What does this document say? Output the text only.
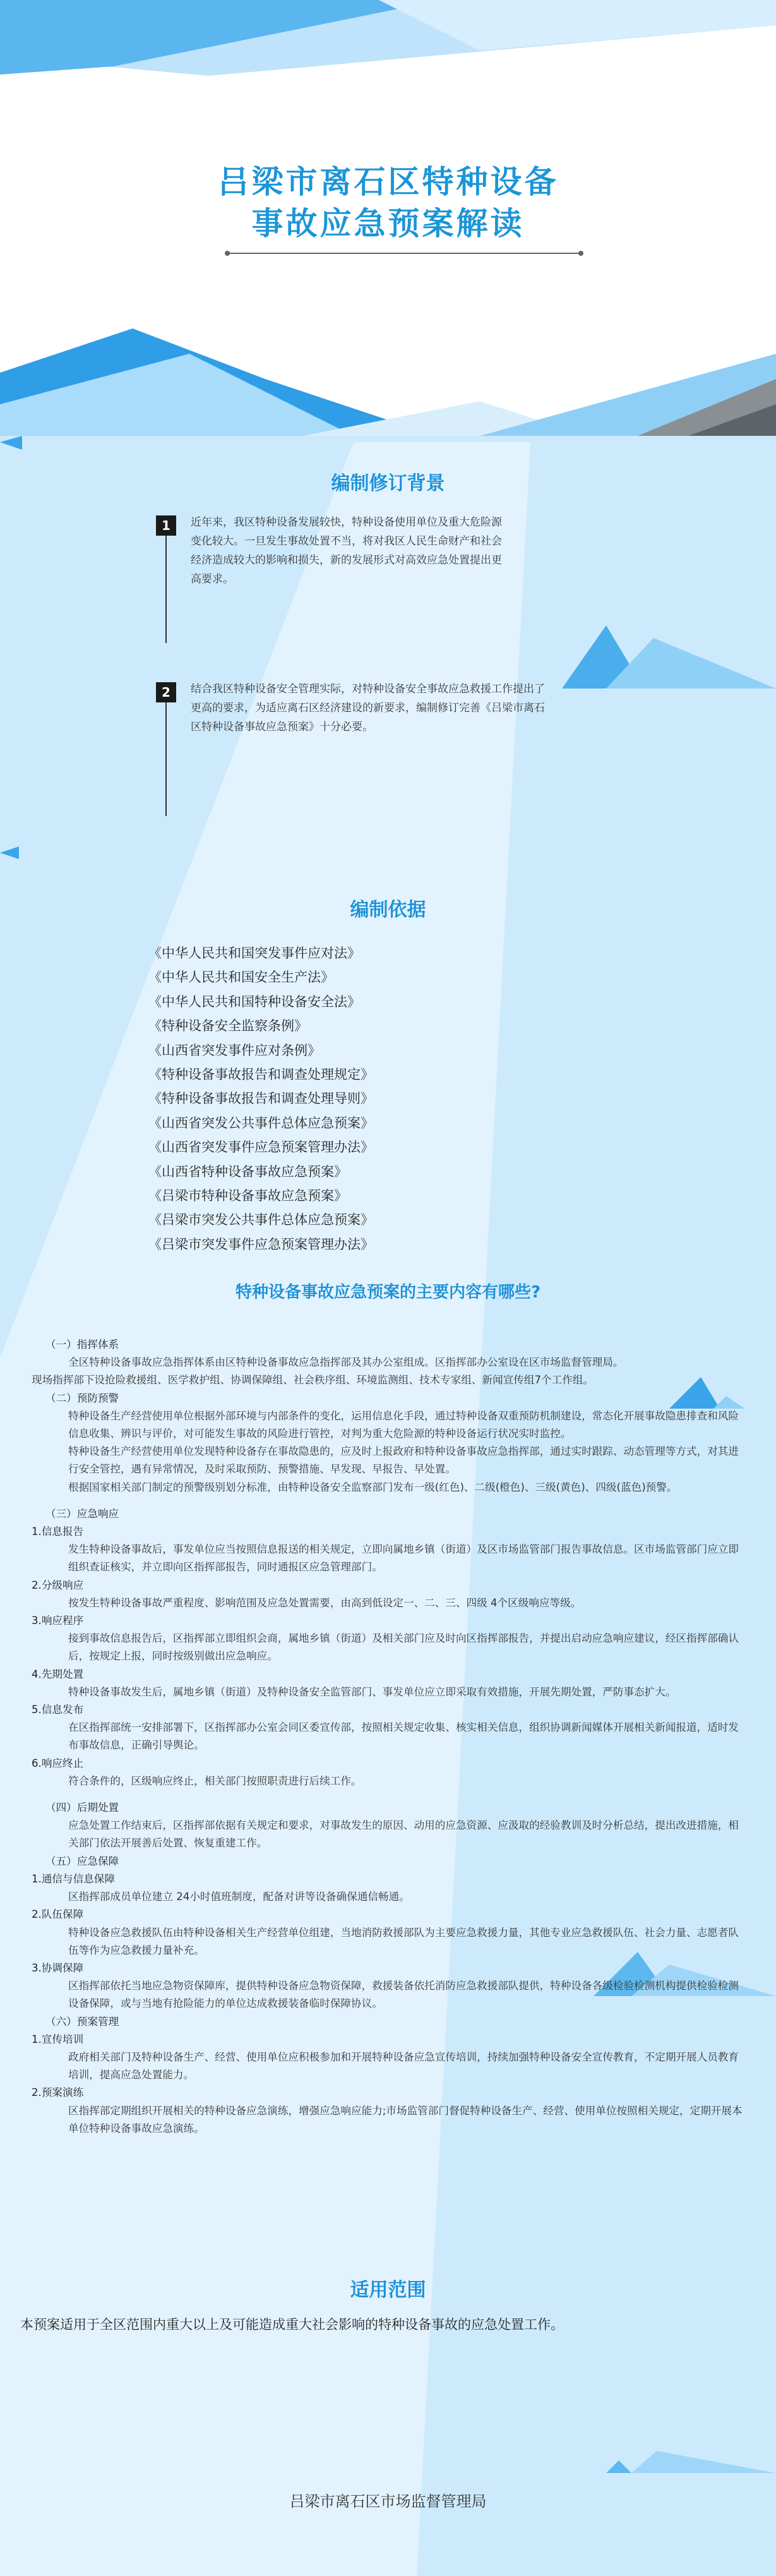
吕梁市离石区特种设备
事故应急预案解读
编制修订背景
1	近年来，我区特种设备发展较快，特种设备使用单位及重大危险源变化较大。一旦发生事故处置不当，将对我区人民生命财产和社会经济造成较大的影响和损失，新的发展形式对高效应急处置提出更高要求。
2	结合我区特种设备安全管理实际，对特种设备安全事故应急救援工作提出了更高的要求，为适应离石区经济建设的新要求，编制修订完善《吕梁市离石区特种设备事故应急预案》十分必要。
编制依据
《中华人民共和国突发事件应对法》
《中华人民共和国安全生产法》
《中华人民共和国特种设备安全法》
《特种设备安全监察条例》
《山西省突发事件应对条例》
《特种设备事故报告和调查处理规定》
《特种设备事故报告和调查处理导则》
《山西省突发公共事件总体应急预案》
《山西省突发事件应急预案管理办法》
《山西省特种设备事故应急预案》
《吕梁市特种设备事故应急预案》
《吕梁市突发公共事件总体应急预案》
《吕梁市突发事件应急预案管理办法》
特种设备事故应急预案的主要内容有哪些?

（一）指挥体系

全区特种设备事故应急指挥体系由区特种设备事故应急指挥部及其办公室组成。区指挥部办公室设在区市场监督管理局。

现场指挥部下设抢险救援组、医学救护组、协调保障组、社会秩序组、环境监测组、技术专家组、新闻宣传组7个工作组。

（二）预防预警

特种设备生产经营使用单位根据外部环境与内部条件的变化，运用信息化手段，通过特种设备双重预防机制建设，常态化开展事故隐患排查和风险信息收集、辨识与评价，对可能发生事故的风险进行管控，对判为重大危险源的特种设备运行状况实时监控。

特种设备生产经营使用单位发现特种设备存在事故隐患的，应及时上报政府和特种设备事故应急指挥部，通过实时跟踪、动态管理等方式，对其进行安全管控，遇有异常情况，及时采取预防、预警措施、早发现、早报告、早处置。

根据国家相关部门制定的预警级别划分标准，由特种设备安全监察部门发布一级(红色)、二级(橙色)、三级(黄色)、四级(蓝色)预警。

（三）应急响应

1.信息报告

发生特种设备事故后，事发单位应当按照信息报送的相关规定，立即向属地乡镇（街道）及区市场监管部门报告事故信息。区市场监管部门应立即组织查证核实，并立即向区指挥部报告，同时通报区应急管理部门。

2.分级响应

按发生特种设备事故严重程度、影响范围及应急处置需要，由高到低设定一、二、三、四级 4个区级响应等级。

3.响应程序

接到事故信息报告后，区指挥部立即组织会商，属地乡镇（街道）及相关部门应及时向区指挥部报告，并提出启动应急响应建议，经区指挥部确认后，按规定上报，同时按级别做出应急响应。

4.先期处置

特种设备事故发生后，属地乡镇（街道）及特种设备安全监管部门、事发单位应立即采取有效措施，开展先期处置，严防事态扩大。

5.信息发布

在区指挥部统一安排部署下，区指挥部办公室会同区委宣传部，按照相关规定收集、核实相关信息，组织协调新闻媒体开展相关新闻报道，适时发布事故信息，正确引导舆论。

6.响应终止

符合条件的，区级响应终止，相关部门按照职责进行后续工作。

（四）后期处置

应急处置工作结束后，区指挥部依据有关规定和要求，对事故发生的原因、动用的应急资源、应汲取的经验教训及时分析总结，提出改进措施，相关部门依法开展善后处置、恢复重建工作。

（五）应急保障

1.通信与信息保障

区指挥部成员单位建立 24小时值班制度，配备对讲等设备确保通信畅通。

2.队伍保障

特种设备应急救援队伍由特种设备相关生产经营单位组建，当地消防救援部队为主要应急救援力量，其他专业应急救援队伍、社会力量、志愿者队伍等作为应急救援力量补充。

3.协调保障

区指挥部依托当地应急物资保障库，提供特种设备应急物资保障，救援装备依托消防应急救援部队提供，特种设备各级检验检测机构提供检验检测设备保障，或与当地有抢险能力的单位达成救援装备临时保障协议。

（六）预案管理

1.宣传培训

政府相关部门及特种设备生产、经营、使用单位应积极参加和开展特种设备应急宣传培训，持续加强特种设备安全宣传教育，不定期开展人员教育培训，提高应急处置能力。

2.预案演练

区指挥部定期组织开展相关的特种设备应急演练，增强应急响应能力;市场监管部门督促特种设备生产、经营、使用单位按照相关规定，定期开展本单位特种设备事故应急演练。

适用范围
本预案适用于全区范围内重大以上及可能造成重大社会影响的特种设备事故的应急处置工作。
吕梁市离石区市场监督管理局
